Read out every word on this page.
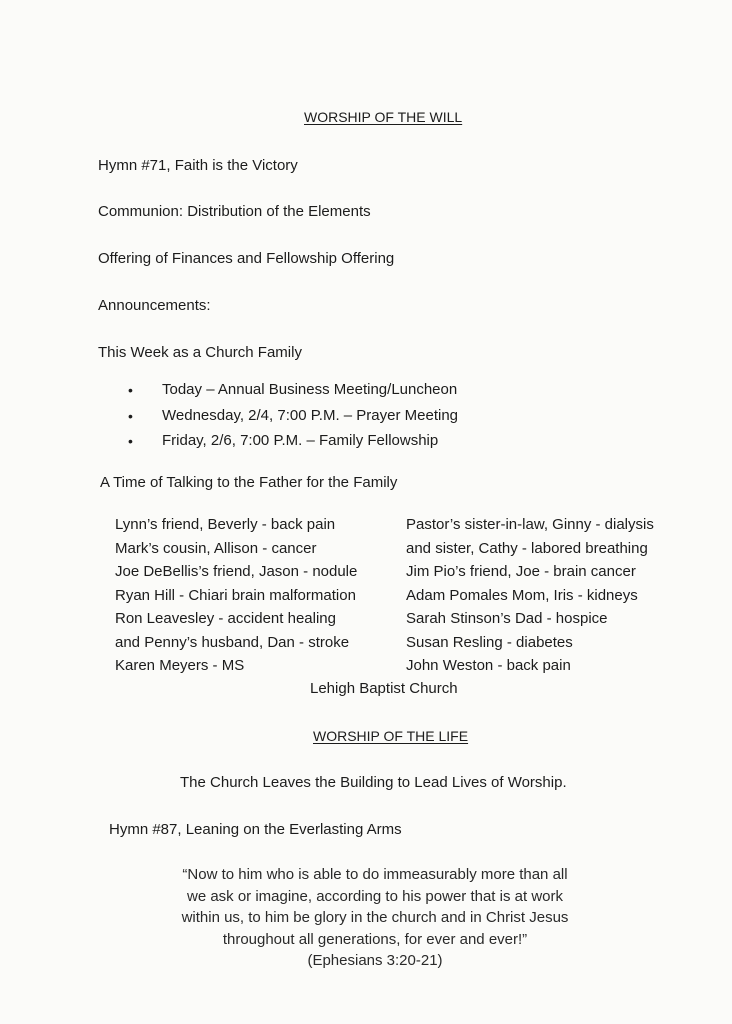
WORSHIP OF THE WILL
Hymn #71, Faith is the Victory
Communion: Distribution of the Elements
Offering of Finances and Fellowship Offering
Announcements:
This Week as a Church Family
• Today – Annual Business Meeting/Luncheon
• Wednesday, 2/4, 7:00 P.M. – Prayer Meeting
• Friday, 2/6, 7:00 P.M. – Family Fellowship
A Time of Talking to the Father for the Family
Lynn’s friend, Beverly - back pain
Mark’s cousin, Allison - cancer
Joe DeBellis’s friend, Jason - nodule
Ryan Hill - Chiari brain malformation
Ron Leavesley - accident healing
and Penny’s husband, Dan - stroke
Karen Meyers - MS
Pastor’s sister-in-law, Ginny - dialysis
and sister, Cathy - labored breathing
Jim Pio’s friend, Joe - brain cancer
Adam Pomales Mom, Iris - kidneys
Sarah Stinson’s Dad - hospice
Susan Resling - diabetes
John Weston - back pain
Lehigh Baptist Church
WORSHIP OF THE LIFE
The Church Leaves the Building to Lead Lives of Worship.
Hymn #87, Leaning on the Everlasting Arms
“Now to him who is able to do immeasurably more than all
we ask or imagine, according to his power that is at work
within us, to him be glory in the church and in Christ Jesus
throughout all generations, for ever and ever!”
(Ephesians 3:20-21)
